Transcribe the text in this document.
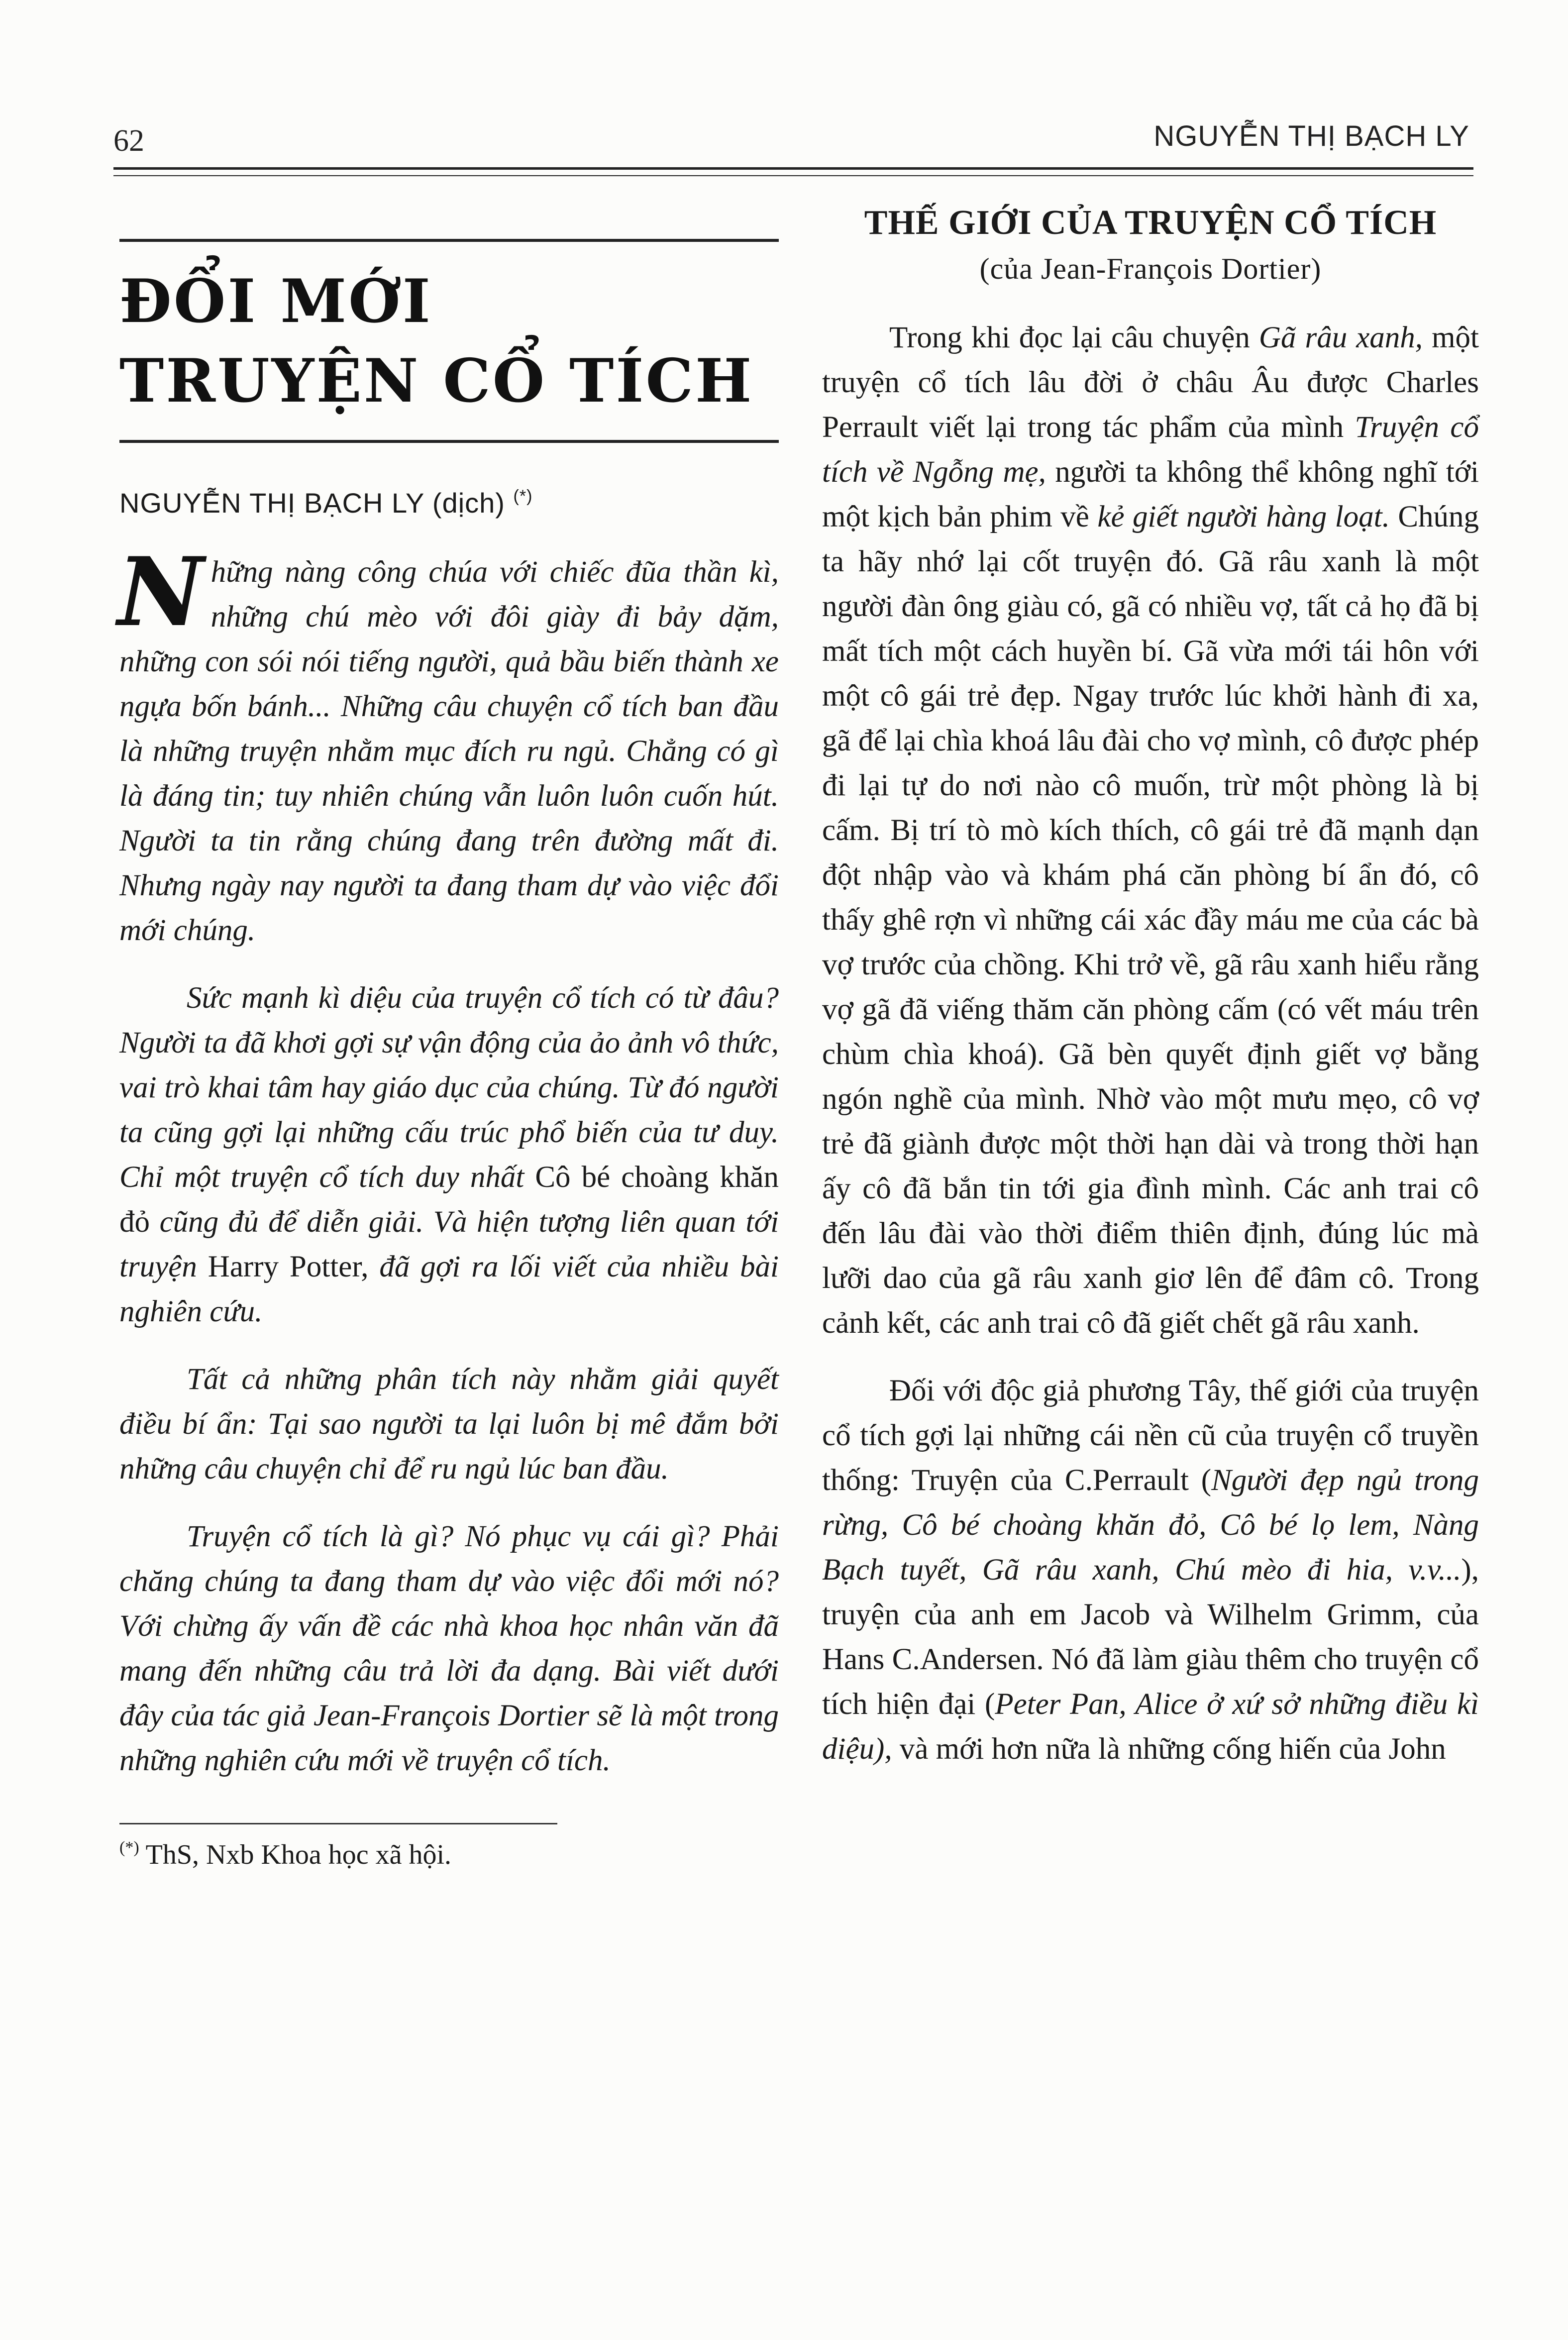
62	NGUYỄN THỊ BẠCH LY
ĐỔI MỚI
TRUYỆN CỔ TÍCH
NGUYỄN THỊ BẠCH LY (dịch) (*)

Những nàng công chúa với chiếc đũa thần kì, những chú mèo với đôi giày đi bảy dặm, những con sói nói tiếng người, quả bầu biến thành xe ngựa bốn bánh... Những câu chuyện cổ tích ban đầu là những truyện nhằm mục đích ru ngủ. Chẳng có gì là đáng tin; tuy nhiên chúng vẫn luôn luôn cuốn hút. Người ta tin rằng chúng đang trên đường mất đi. Nhưng ngày nay người ta đang tham dự vào việc đổi mới chúng.

Sức mạnh kì diệu của truyện cổ tích có từ đâu? Người ta đã khơi gợi sự vận động của ảo ảnh vô thức, vai trò khai tâm hay giáo dục của chúng. Từ đó người ta cũng gợi lại những cấu trúc phổ biến của tư duy. Chỉ một truyện cổ tích duy nhất Cô bé choàng khăn đỏ cũng đủ để diễn giải. Và hiện tượng liên quan tới truyện Harry Potter, đã gợi ra lối viết của nhiều bài nghiên cứu.

Tất cả những phân tích này nhằm giải quyết điều bí ẩn: Tại sao người ta lại luôn bị mê đắm bởi những câu chuyện chỉ để ru ngủ lúc ban đầu.

Truyện cổ tích là gì? Nó phục vụ cái gì? Phải chăng chúng ta đang tham dự vào việc đổi mới nó? Với chừng ấy vấn đề các nhà khoa học nhân văn đã mang đến những câu trả lời đa dạng. Bài viết dưới đây của tác giả Jean-François Dortier sẽ là một trong những nghiên cứu mới về truyện cổ tích.

(*) ThS, Nxb Khoa học xã hội.
THẾ GIỚI CỦA TRUYỆN CỔ TÍCH
(của Jean-François Dortier)

Trong khi đọc lại câu chuyện Gã râu xanh, một truyện cổ tích lâu đời ở châu Âu được Charles Perrault viết lại trong tác phẩm của mình Truyện cổ tích về Ngỗng mẹ, người ta không thể không nghĩ tới một kịch bản phim về kẻ giết người hàng loạt. Chúng ta hãy nhớ lại cốt truyện đó. Gã râu xanh là một người đàn ông giàu có, gã có nhiều vợ, tất cả họ đã bị mất tích một cách huyền bí. Gã vừa mới tái hôn với một cô gái trẻ đẹp. Ngay trước lúc khởi hành đi xa, gã để lại chìa khoá lâu đài cho vợ mình, cô được phép đi lại tự do nơi nào cô muốn, trừ một phòng là bị cấm. Bị trí tò mò kích thích, cô gái trẻ đã mạnh dạn đột nhập vào và khám phá căn phòng bí ẩn đó, cô thấy ghê rợn vì những cái xác đầy máu me của các bà vợ trước của chồng. Khi trở về, gã râu xanh hiểu rằng vợ gã đã viếng thăm căn phòng cấm (có vết máu trên chùm chìa khoá). Gã bèn quyết định giết vợ bằng ngón nghề của mình. Nhờ vào một mưu mẹo, cô vợ trẻ đã giành được một thời hạn dài và trong thời hạn ấy cô đã bắn tin tới gia đình mình. Các anh trai cô đến lâu đài vào thời điểm thiên định, đúng lúc mà lưỡi dao của gã râu xanh giơ lên để đâm cô. Trong cảnh kết, các anh trai cô đã giết chết gã râu xanh.

Đối với độc giả phương Tây, thế giới của truyện cổ tích gợi lại những cái nền cũ của truyện cổ truyền thống: Truyện của C.Perrault (Người đẹp ngủ trong rừng, Cô bé choàng khăn đỏ, Cô bé lọ lem, Nàng Bạch tuyết, Gã râu xanh, Chú mèo đi hia, v.v...), truyện của anh em Jacob và Wilhelm Grimm, của Hans C.Andersen. Nó đã làm giàu thêm cho truyện cổ tích hiện đại (Peter Pan, Alice ở xứ sở những điều kì diệu), và mới hơn nữa là những cống hiến của John
